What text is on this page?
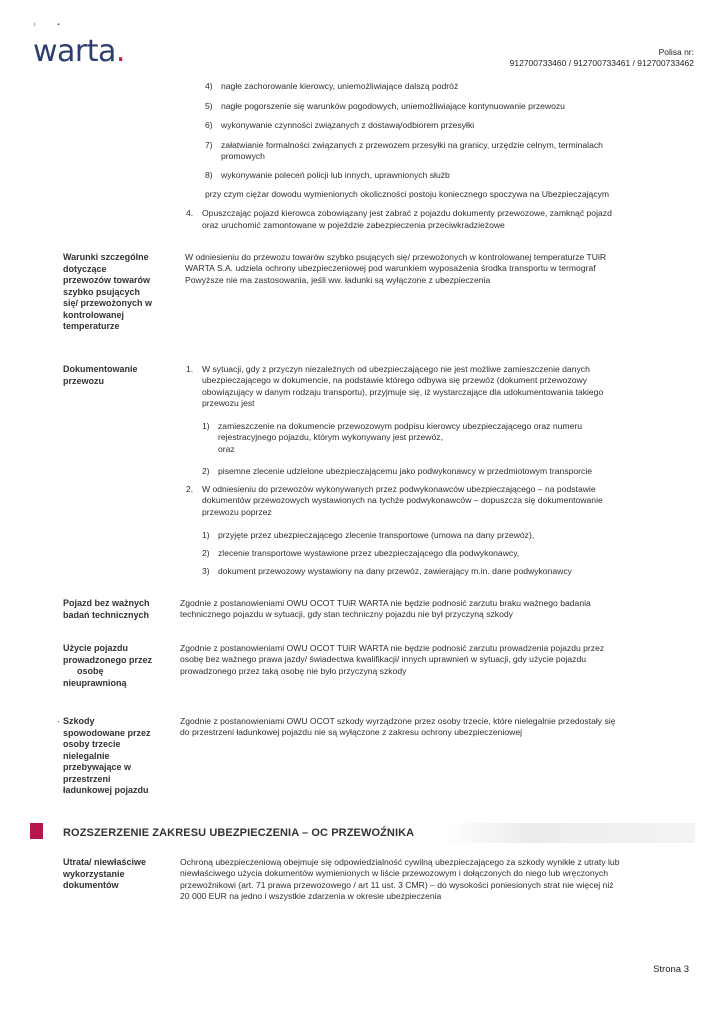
ı             ▪
warta.	Polisa nr:
912700733460 / 912700733461 / 912700733462
4) nagłe zachorowanie kierowcy, uniemożliwiające dalszą podróż
5) nagłe pogorszenie się warunków pogodowych, uniemożliwiające kontynuowanie przewozu
6) wykonywanie czynności związanych z dostawą/odbiorem przesyłki
7) załatwianie formalności związanych z przewozem przesyłki na granicy, urzędzie celnym, terminalach
promowych
8) wykonywanie poleceń policji lub innych, uprawnionych służb
przy czym ciężar dowodu wymienionych okoliczności postoju koniecznego spoczywa na Ubezpieczającym
4. Opuszczając pojazd kierowca zobowiązany jest zabrać z pojazdu dokumenty przewozowe, zamknąć pojazd
oraz uruchomić zamontowane w pojeździe zabezpieczenia przeciwkradzieżowe
Warunki szczególne
dotyczące
przewozów towarów
szybko psujących
się/ przewożonych w
kontrolowanej
temperaturze
W odniesieniu do przewozu towarów szybko psujących się/ przewożonych w kontrolowanej temperaturze TUiR
WARTA S.A. udziela ochrony ubezpieczeniowej pod warunkiem wyposażenia środka transportu w termograf
Powyższe nie ma zastosowania, jeśli ww. ładunki są wyłączone z ubezpieczenia
Dokumentowanie
przewozu
1. W sytuacji, gdy z przyczyn niezależnych od ubezpieczającego nie jest możliwe zamieszczenie danych
ubezpieczającego w dokumencie, na podstawie którego odbywa się przewóz (dokument przewozowy
obowiązujący w danym rodzaju transportu), przyjmuje się, iż wystarczające dla udokumentowania takiego
przewozu jest
1) zamieszczenie na dokumencie przewozowym podpisu kierowcy ubezpieczającego oraz numeru
rejestracyjnego pojazdu, którym wykonywany jest przewóz,
oraz
2) pisemne zlecenie udzielone ubezpieczającemu jako podwykonawcy w przedmiotowym transporcie
2. W odniesieniu do przewozów wykonywanych przez podwykonawców ubezpieczającego – na podstawie
dokumentów przewozowych wystawionych na tychże podwykonawców – dopuszcza się dokumentowanie
przewozu poprzez
1) przyjęte przez ubezpieczającego zlecenie transportowe (umowa na dany przewóz),
2) zlecenie transportowe wystawione przez ubezpieczającego dla podwykonawcy,
3) dokument przewozowy wystawiony na dany przewóz, zawierający m.in. dane podwykonawcy
Pojazd bez ważnych
badań technicznych
Zgodnie z postanowieniami OWU OCOT TUiR WARTA nie będzie podnosić zarzutu braku ważnego badania
technicznego pojazdu w sytuacji, gdy stan techniczny pojazdu nie był przyczyną szkody
Użycie pojazdu
prowadzonego przez
osobę
nieuprawnioną
Zgodnie z postanowieniami OWU OCOT TUiR WARTA nie będzie podnosić zarzutu prowadzenia pojazdu przez
osobę bez ważnego prawa jazdy/ świadectwa kwalifikacji/ innych uprawnień w sytuacji, gdy użycie pojazdu
prowadzonego przez taką osobę nie było przyczyną szkody
· Szkody
spowodowane przez
osoby trzecie
nielegalnie
przebywające w
przestrzeni
ładunkowej pojazdu
Zgodnie z postanowieniami OWU OCOT szkody wyrządzone przez osoby trzecie, które nielegalnie przedostały się
do przestrzeni ładunkowej pojazdu nie są wyłączone z zakresu ochrony ubezpieczeniowej
ROZSZERZENIE ZAKRESU UBEZPIECZENIA – OC PRZEWOŹNIKA
Utrata/ niewłaściwe
wykorzystanie
dokumentów
Ochroną ubezpieczeniową obejmuje się odpowiedzialność cywilną ubezpieczającego za szkody wynikłe z utraty lub
niewłaściwego użycia dokumentów wymienionych w liście przewozowym i dołączonych do niego lub wręczonych
przewoźnikowi (art. 71 prawa przewozowego / art 11 ust. 3 CMR) – do wysokości poniesionych strat nie więcej niż
20 000 EUR na jedno i wszystkie zdarzenia w okresie ubezpieczenia
Strona 3
